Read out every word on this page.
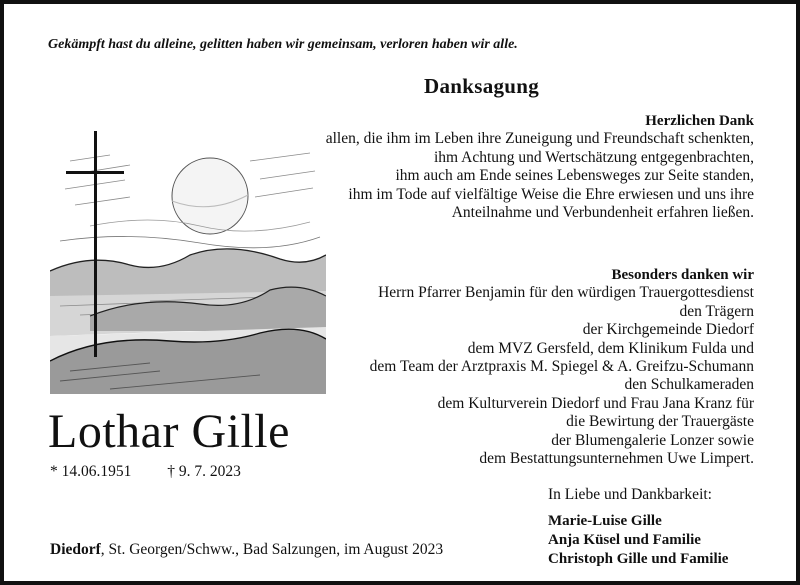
Gekämpft hast du alleine, gelitten haben wir gemeinsam, verloren haben wir alle.
Danksagung
Herzlichen Dank
allen, die ihm im Leben ihre Zuneigung und Freundschaft schenkten,
ihm Achtung und Wertschätzung entgegenbrachten,
ihm auch am Ende seines Lebensweges zur Seite standen,
ihm im Tode auf vielfältige Weise die Ehre erwiesen und uns ihre
Anteilnahme und Verbundenheit erfahren ließen.
Besonders danken wir
Herrn Pfarrer Benjamin für den würdigen Trauergottesdienst
den Trägern
der Kirchgemeinde Diedorf
dem MVZ Gersfeld, dem Klinikum Fulda und
dem Team der Arztpraxis M. Spiegel & A. Greifzu-Schumann
den Schulkameraden
dem Kulturverein Diedorf und Frau Jana Kranz für
die Bewirtung der Trauergäste
der Blumengalerie Lonzer sowie
dem Bestattungsunternehmen Uwe Limpert.
Lothar Gille
* 14.06.1951 † 9. 7. 2023
In Liebe und Dankbarkeit:
Marie-Luise Gille
Anja Küsel und Familie
Christoph Gille und Familie
Diedorf, St. Georgen/Schww., Bad Salzungen, im August 2023
